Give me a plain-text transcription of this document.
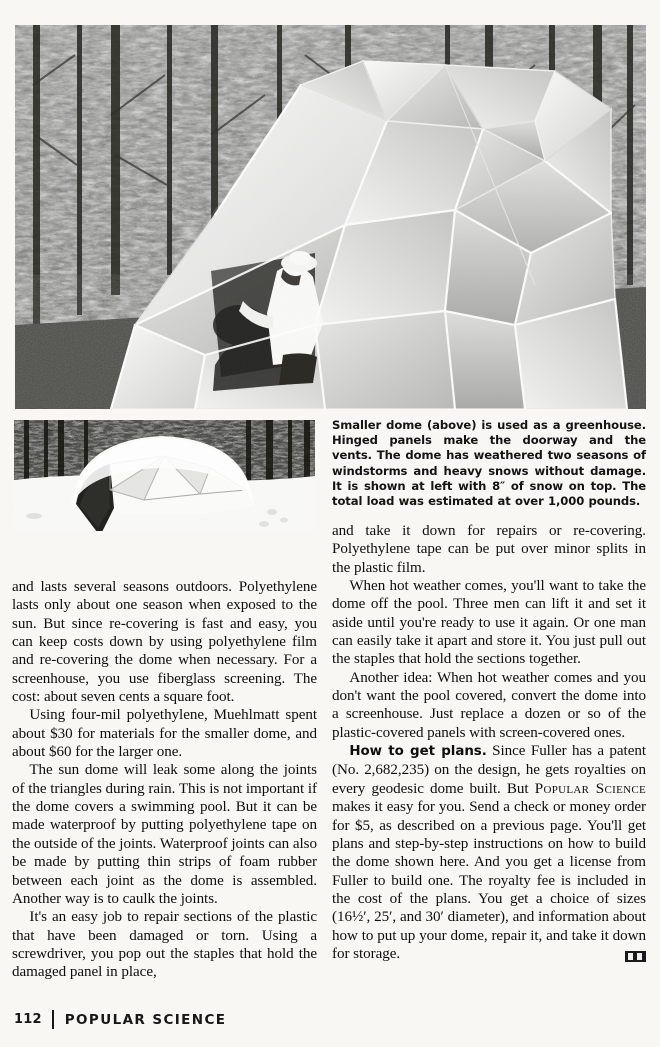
Smaller dome (above) is used as a greenhouse. Hinged panels make the doorway and the vents. The dome has weathered two seasons of windstorms and heavy snows without damage. It is shown at left with 8″ of snow on top. The total load was estimated at over 1,000 pounds.

and lasts several seasons outdoors. Polyethylene lasts only about one season when exposed to the sun. But since re-covering is fast and easy, you can keep costs down by using polyethylene film and re-covering the dome when necessary. For a screenhouse, you use fiberglass screening. The cost: about seven cents a square foot.

Using four-mil polyethylene, Muehlmatt spent about $30 for materials for the smaller dome, and about $60 for the larger one.

The sun dome will leak some along the joints of the triangles during rain. This is not important if the dome covers a swimming pool. But it can be made waterproof by putting polyethylene tape on the outside of the joints. Waterproof joints can also be made by putting thin strips of foam rubber between each joint as the dome is assembled. Another way is to caulk the joints.

It's an easy job to repair sections of the plastic that have been damaged or torn. Using a screwdriver, you pop out the staples that hold the damaged panel in place,

and take it down for repairs or re-covering. Polyethylene tape can be put over minor splits in the plastic film.

When hot weather comes, you'll want to take the dome off the pool. Three men can lift it and set it aside until you're ready to use it again. Or one man can easily take it apart and store it. You just pull out the staples that hold the sections together.

Another idea: When hot weather comes and you don't want the pool covered, convert the dome into a screenhouse. Just replace a dozen or so of the plastic-covered panels with screen-covered ones.

How to get plans. Since Fuller has a patent (No. 2,682,235) on the design, he gets royalties on every geodesic dome built. But Popular Science makes it easy for you. Send a check or money order for $5, as described on a previous page. You'll get plans and step-by-step instructions on how to build the dome shown here. And you get a license from Fuller to build one. The royalty fee is included in the cost of the plans. You get a choice of sizes (16½′, 25′, and 30′ diameter), and information about how to put up your dome, repair it, and take it down for storage.

112 POPULAR SCIENCE
